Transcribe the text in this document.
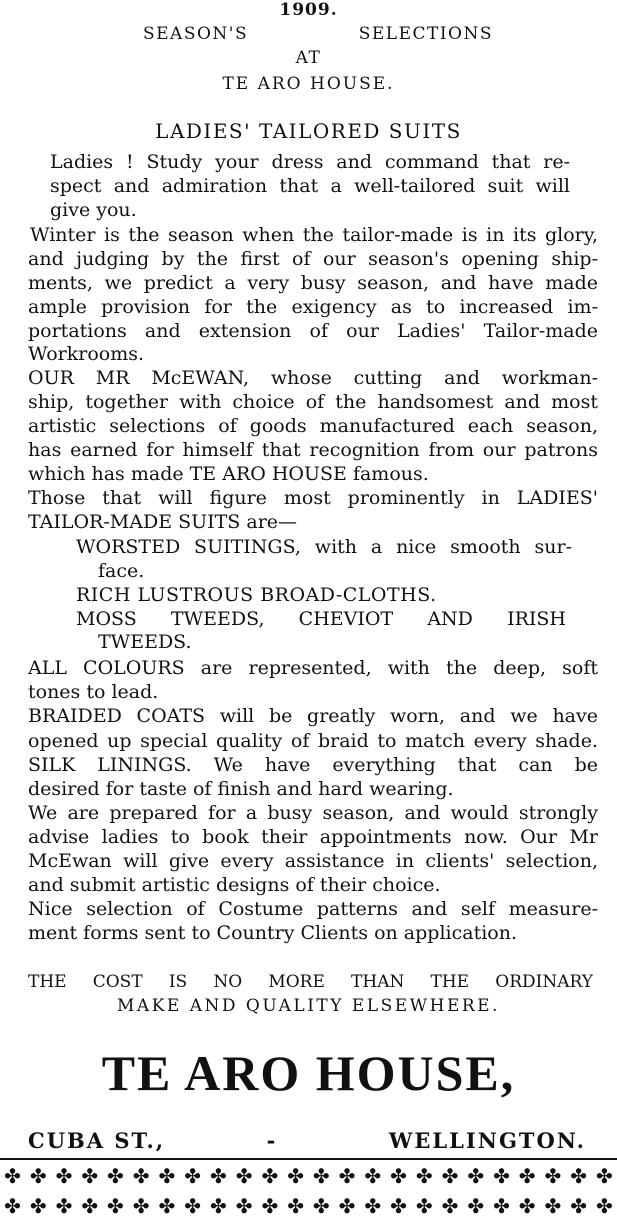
1909.
SEASON'S	SELECTIONS
AT
TE ARO HOUSE.
LADIES' TAILORED SUITS
Ladies ! Study your dress and command that re-
spect and admiration that a well-tailored suit will
give you.
Winter is the season when the tailor-made is in its glory,
and judging by the first of our season's opening ship-
ments, we predict a very busy season, and have made
ample provision for the exigency as to increased im-
portations and extension of our Ladies' Tailor-made
Workrooms.
OUR MR McEWAN, whose cutting and workman-
ship, together with choice of the handsomest and most
artistic selections of goods manufactured each season,
has earned for himself that recognition from our patrons
which has made TE ARO HOUSE famous.
Those that will figure most prominently in LADIES'
TAILOR-MADE SUITS are—
WORSTED SUITINGS, with a nice smooth sur-
face.
RICH LUSTROUS BROAD-CLOTHS.
MOSS TWEEDS, CHEVIOT AND IRISH
TWEEDS.
ALL COLOURS are represented, with the deep, soft
tones to lead.
BRAIDED COATS will be greatly worn, and we have
opened up special quality of braid to match every shade.
SILK LININGS. We have everything that can be
desired for taste of finish and hard wearing.
We are prepared for a busy season, and would strongly
advise ladies to book their appointments now. Our Mr
McEwan will give every assistance in clients' selection,
and submit artistic designs of their choice.
Nice selection of Costume patterns and self measure-
ment forms sent to Country Clients on application.
THE COST IS NO MORE THAN THE ORDINARY
MAKE AND QUALITY ELSEWHERE.
TE ARO HOUSE,
CUBA ST.,	-	WELLINGTON.
✤ ✤ ✤ ✤ ✤ ✤ ✤ ✤ ✤ ✤ ✤ ✤ ✤ ✤ ✤ ✤ ✤ ✤ ✤ ✤ ✤ ✤ ✤ ✤
✤ ✤ ✤ ✤ ✤ ✤ ✤ ✤ ✤ ✤ ✤ ✤ ✤ ✤ ✤ ✤ ✤ ✤ ✤ ✤ ✤ ✤ ✤ ✤
